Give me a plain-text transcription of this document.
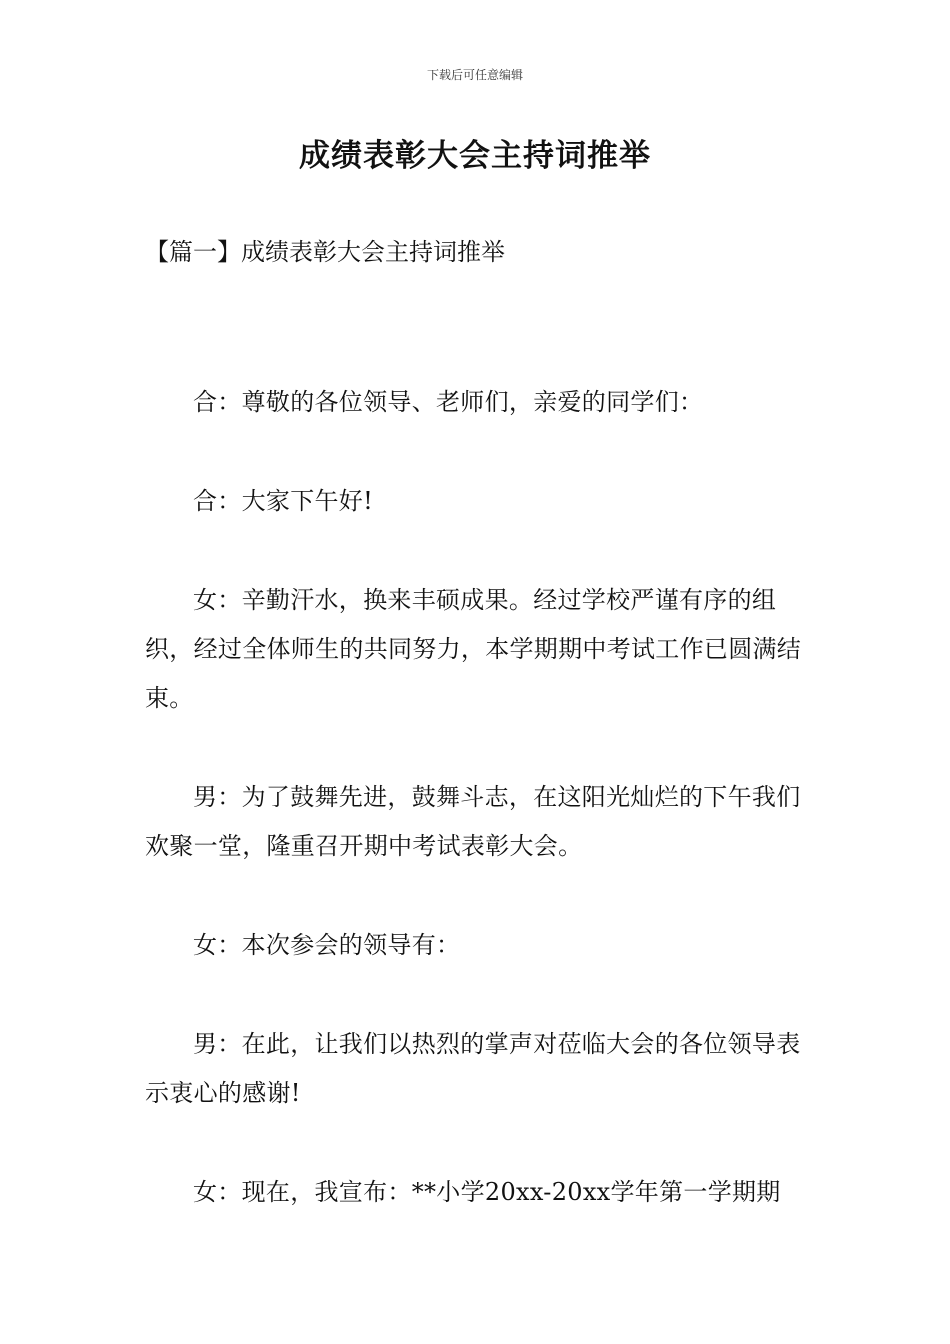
下载后可任意编辑
成绩表彰大会主持词推举
【篇一】成绩表彰大会主持词推举

合：尊敬的各位领导、老师们，亲爱的同学们：

合：大家下午好!

女：辛勤汗水，换来丰硕成果。经过学校严谨有序的组织，经过全体师生的共同努力，本学期期中考试工作已圆满结束。

男：为了鼓舞先进，鼓舞斗志，在这阳光灿烂的下午我们欢聚一堂，隆重召开期中考试表彰大会。

女：本次参会的领导有：

男：在此，让我们以热烈的掌声对莅临大会的各位领导表示衷心的感谢!

女：现在，我宣布：**小学20xx-20xx学年第一学期期
